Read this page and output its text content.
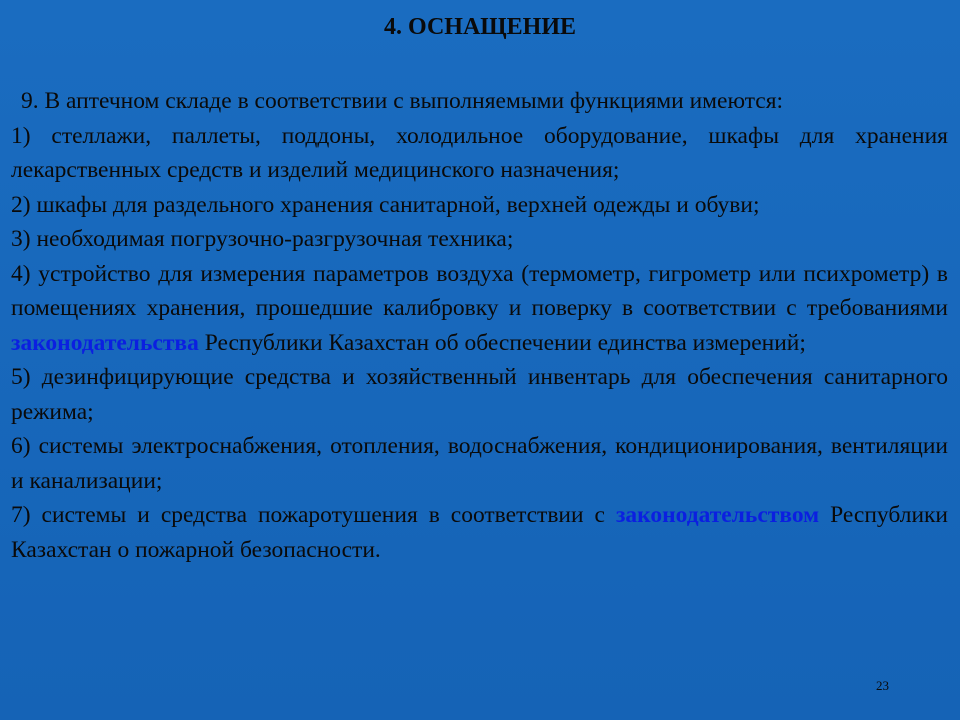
4. ОСНАЩЕНИЕ

9. В аптечном складе в соответствии с выполняемыми функциями имеются:

1) стеллажи, паллеты, поддоны, холодильное оборудование, шкафы для хранения лекарственных средств и изделий медицинского назначения;

2) шкафы для раздельного хранения санитарной, верхней одежды и обуви;

3) необходимая погрузочно-разгрузочная техника;

4) устройство для измерения параметров воздуха (термометр, гигрометр или психрометр) в помещениях хранения, прошедшие калибровку и поверку в соответствии с требованиями законодательства Республики Казахстан об обеспечении единства измерений;

5) дезинфицирующие средства и хозяйственный инвентарь для обеспечения санитарного режима;

6) системы электроснабжения, отопления, водоснабжения, кондиционирования, вентиляции и канализации;

7) системы и средства пожаротушения в соответствии с законодательством Республики Казахстан о пожарной безопасности.

23
